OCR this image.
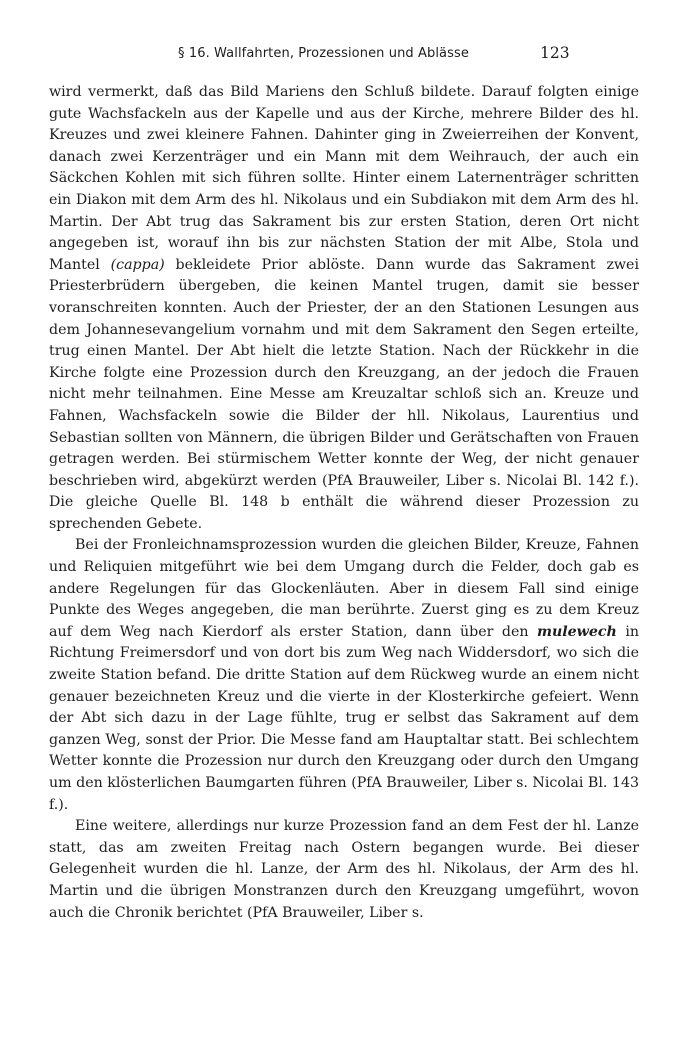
§ 16. Wallfahrten, Prozessionen und Ablässe	123

wird vermerkt, daß das Bild Mariens den Schluß bildete. Darauf folgten einige gute Wachsfackeln aus der Kapelle und aus der Kirche, mehrere Bilder des hl. Kreuzes und zwei kleinere Fahnen. Dahinter ging in Zweierreihen der Konvent, danach zwei Kerzenträger und ein Mann mit dem Weihrauch, der auch ein Säckchen Kohlen mit sich führen sollte. Hinter einem Laternenträger schritten ein Diakon mit dem Arm des hl. Nikolaus und ein Subdiakon mit dem Arm des hl. Martin. Der Abt trug das Sakrament bis zur ersten Station, deren Ort nicht angegeben ist, worauf ihn bis zur nächsten Station der mit Albe, Stola und Mantel (cappa) bekleidete Prior ablöste. Dann wurde das Sakrament zwei Priesterbrüdern übergeben, die keinen Mantel trugen, damit sie besser voranschreiten konnten. Auch der Priester, der an den Stationen Lesungen aus dem Johannesevangelium vornahm und mit dem Sakrament den Segen erteilte, trug einen Mantel. Der Abt hielt die letzte Station. Nach der Rückkehr in die Kirche folgte eine Prozession durch den Kreuzgang, an der jedoch die Frauen nicht mehr teilnahmen. Eine Messe am Kreuzaltar schloß sich an. Kreuze und Fahnen, Wachsfackeln sowie die Bilder der hll. Nikolaus, Laurentius und Sebastian sollten von Männern, die übrigen Bilder und Gerätschaften von Frauen getragen werden. Bei stürmischem Wetter konnte der Weg, der nicht genauer beschrieben wird, abgekürzt werden (PfA Brauweiler, Liber s. Nicolai Bl. 142 f.). Die gleiche Quelle Bl. 148 b enthält die während dieser Prozession zu sprechenden Gebete.

Bei der Fronleichnamsprozession wurden die gleichen Bilder, Kreuze, Fahnen und Reliquien mitgeführt wie bei dem Umgang durch die Felder, doch gab es andere Regelungen für das Glockenläuten. Aber in diesem Fall sind einige Punkte des Weges angegeben, die man berührte. Zuerst ging es zu dem Kreuz auf dem Weg nach Kierdorf als erster Station, dann über den mulewech in Richtung Freimersdorf und von dort bis zum Weg nach Widdersdorf, wo sich die zweite Station befand. Die dritte Station auf dem Rückweg wurde an einem nicht genauer bezeichneten Kreuz und die vierte in der Klosterkirche gefeiert. Wenn der Abt sich dazu in der Lage fühlte, trug er selbst das Sakrament auf dem ganzen Weg, sonst der Prior. Die Messe fand am Hauptaltar statt. Bei schlechtem Wetter konnte die Prozession nur durch den Kreuzgang oder durch den Umgang um den klösterlichen Baumgarten führen (PfA Brauweiler, Liber s. Nicolai Bl. 143 f.).

Eine weitere, allerdings nur kurze Prozession fand an dem Fest der hl. Lanze statt, das am zweiten Freitag nach Ostern begangen wurde. Bei dieser Gelegenheit wurden die hl. Lanze, der Arm des hl. Nikolaus, der Arm des hl. Martin und die übrigen Monstranzen durch den Kreuzgang umgeführt, wovon auch die Chronik berichtet (PfA Brauweiler, Liber s.
